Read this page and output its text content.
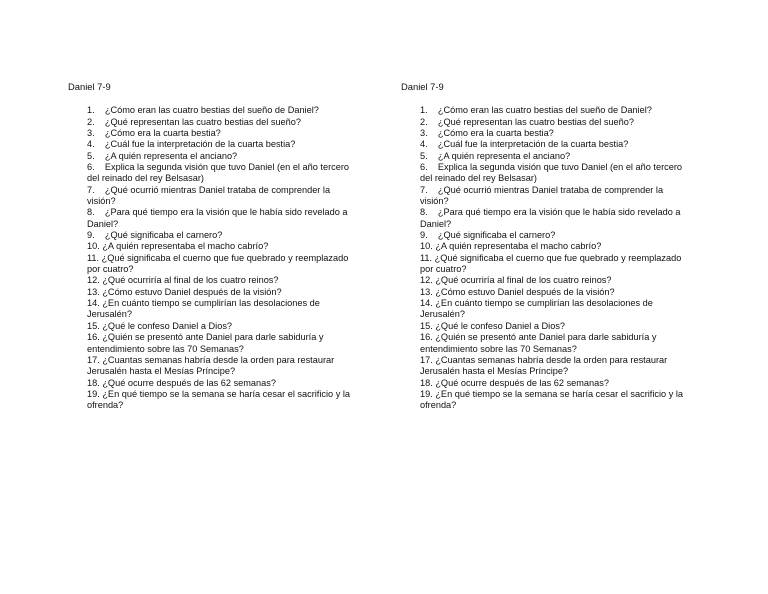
Daniel 7-9
1.    ¿Cómo eran las cuatro bestias del sueño de Daniel?
2.    ¿Qué representan las cuatro bestias del sueño?
3.    ¿Cómo era la cuarta bestia?
4.    ¿Cuál fue la interpretación de la cuarta bestia?
5.    ¿A quién representa el anciano?
6.    Explica la segunda visión que tuvo Daniel (en el año tercero del reinado del rey Belsasar)
7.    ¿Qué ocurrió mientras Daniel trataba de comprender la visión?
8.    ¿Para qué tiempo era la visión que le había sido revelado a Daniel?
9.    ¿Qué significaba el carnero?
10. ¿A quién representaba el macho cabrío?
11. ¿Qué significaba el cuerno que fue quebrado y reemplazado por cuatro?
12. ¿Qué ocurriría al final de los cuatro reinos?
13. ¿Cómo estuvo Daniel después de la visión?
14. ¿En cuánto tiempo se cumplirían las desolaciones de Jerusalén?
15. ¿Qué le confeso Daniel a Dios?
16. ¿Quién se presentó ante Daniel para darle sabiduría y entendimiento sobre las 70 Semanas?
17. ¿Cuantas semanas habría desde la orden para restaurar Jerusalén hasta el Mesías Príncipe?
18. ¿Qué ocurre después de las 62 semanas?
19. ¿En qué tiempo se la semana se haría cesar el sacrificio y la ofrenda?
Daniel 7-9
1.    ¿Cómo eran las cuatro bestias del sueño de Daniel?
2.    ¿Qué representan las cuatro bestias del sueño?
3.    ¿Cómo era la cuarta bestia?
4.    ¿Cuál fue la interpretación de la cuarta bestia?
5.    ¿A quién representa el anciano?
6.    Explica la segunda visión que tuvo Daniel (en el año tercero del reinado del rey Belsasar)
7.    ¿Qué ocurrió mientras Daniel trataba de comprender la visión?
8.    ¿Para qué tiempo era la visión que le había sido revelado a Daniel?
9.    ¿Qué significaba el carnero?
10. ¿A quién representaba el macho cabrío?
11. ¿Qué significaba el cuerno que fue quebrado y reemplazado por cuatro?
12. ¿Qué ocurriría al final de los cuatro reinos?
13. ¿Cómo estuvo Daniel después de la visión?
14. ¿En cuánto tiempo se cumplirían las desolaciones de Jerusalén?
15. ¿Qué le confeso Daniel a Dios?
16. ¿Quién se presentó ante Daniel para darle sabiduría y entendimiento sobre las 70 Semanas?
17. ¿Cuantas semanas habría desde la orden para restaurar Jerusalén hasta el Mesías Príncipe?
18. ¿Qué ocurre después de las 62 semanas?
19. ¿En qué tiempo se la semana se haría cesar el sacrificio y la ofrenda?
